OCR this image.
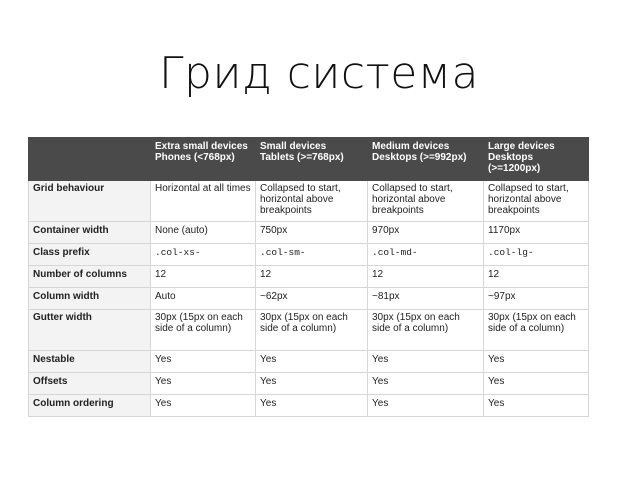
Грид система
	Extra small devices Phones (<768px)	Small devices Tablets (>=768px)	Medium devices Desktops (>=992px)	Large devices Desktops (>=1200px)
Grid behaviour	Horizontal at all times	Collapsed to start, horizontal above breakpoints	Collapsed to start, horizontal above breakpoints	Collapsed to start, horizontal above breakpoints
Container width	None (auto)	750px	970px	1170px
Class prefix	.col-xs-	.col-sm-	.col-md-	.col-lg-
Number of columns	12	12	12	12
Column width	Auto	~62px	~81px	~97px
Gutter width	30px (15px on each side of a column)	30px (15px on each side of a column)	30px (15px on each side of a column)	30px (15px on each side of a column)
Nestable	Yes	Yes	Yes	Yes
Offsets	Yes	Yes	Yes	Yes
Column ordering	Yes	Yes	Yes	Yes
